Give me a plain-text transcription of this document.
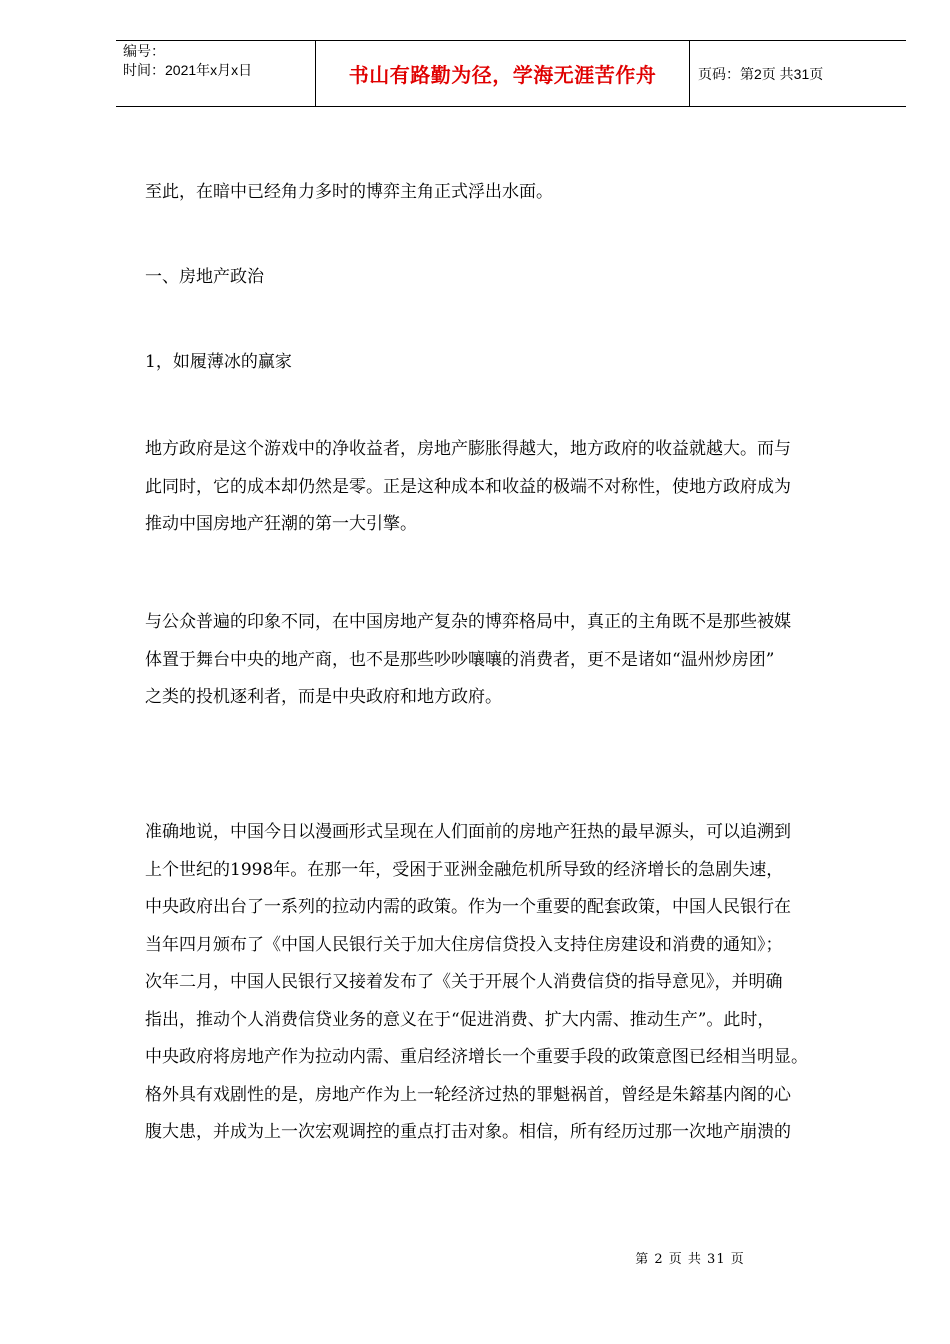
编号：
时间：2021年x月x日	书山有路勤为径，学海无涯苦作舟	页码：第2页 共31页

至此，在暗中已经角力多时的博弈主角正式浮出水面。

一、房地产政治

1，如履薄冰的赢家

地方政府是这个游戏中的净收益者，房地产膨胀得越大，地方政府的收益就越大。而与
此同时，它的成本却仍然是零。正是这种成本和收益的极端不对称性，使地方政府成为
推动中国房地产狂潮的第一大引擎。

与公众普遍的印象不同，在中国房地产复杂的博弈格局中，真正的主角既不是那些被媒
体置于舞台中央的地产商，也不是那些吵吵嚷嚷的消费者，更不是诸如“温州炒房团”
之类的投机逐利者，而是中央政府和地方政府。

准确地说，中国今日以漫画形式呈现在人们面前的房地产狂热的最早源头，可以追溯到
上个世纪的1998年。在那一年，受困于亚洲金融危机所导致的经济增长的急剧失速，
中央政府出台了一系列的拉动内需的政策。作为一个重要的配套政策，中国人民银行在
当年四月颁布了《中国人民银行关于加大住房信贷投入支持住房建设和消费的通知》；
次年二月，中国人民银行又接着发布了《关于开展个人消费信贷的指导意见》，并明确
指出，推动个人消费信贷业务的意义在于“促进消费、扩大内需、推动生产”。此时，
中央政府将房地产作为拉动内需、重启经济增长一个重要手段的政策意图已经相当明显。
格外具有戏剧性的是，房地产作为上一轮经济过热的罪魁祸首，曾经是朱鎔基内阁的心
腹大患，并成为上一次宏观调控的重点打击对象。相信，所有经历过那一次地产崩溃的

第 2 页 共 31 页
